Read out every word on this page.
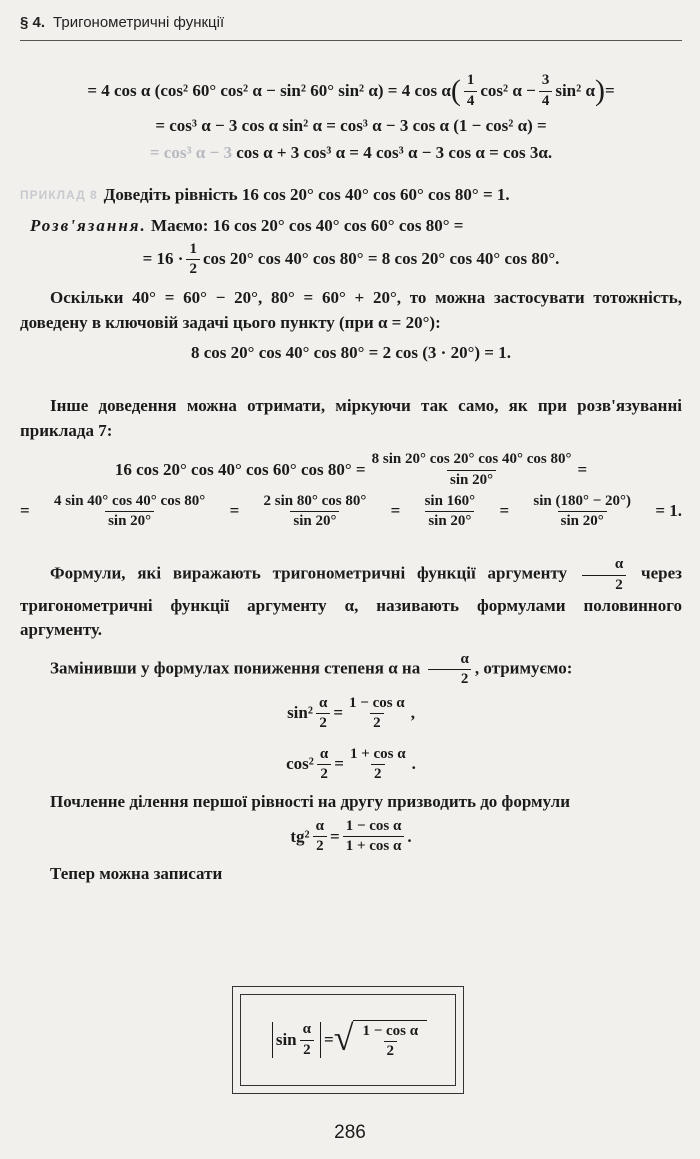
§ 4. Тригонометричні функції
= 4 cos α (cos² 60° cos² α − sin² 60° sin² α) = 4 cos α ( $\frac{1}{4} \cos^2$ $\alpha - \frac{3}{4} \sin^2$ α ) =
= cos³ α − 3 cos α sin² α = cos³ α − 3 cos α (1 − cos² α) =
= cos³ α − 3
cos α + 3 cos³ α = 4 cos³ α − 3 cos α = cos 3α.
ПРИКЛАД 8 Доведіть рівність 16 cos 20° cos 40° cos 60° cos 80° = 1.
Розв'язання.
Маємо: 16 cos 20° cos 40° cos 60° cos 80° =
= $16 \cdot \frac{1}{2}$ cos 20° cos 40° cos 80° = 8 cos 20° cos 40° cos 80°.
Оскільки 40° = 60° − 20°, 80° = 60° + 20°, то можна застосувати тотожність, доведену в ключовій задачі цього пункту (при α = 20°):
8 cos 20° cos 40° cos 80° = 2 cos (3 · 20°) = 1.
Інше доведення можна отримати, міркуючи так само, як при розв'язуванні приклада 7:
16 cos 20° cos 40° cos 60° $\cos 80^\circ = \frac{8 \sin 20^\circ \cos 20^\circ \cos 40^\circ \cos 80^\circ}{\sin 20^\circ}$ =
= $\frac{4 \sin 40^\circ \cos 40^\circ \cos 80^\circ}{\sin 20^\circ} = \frac{2 \sin 80^\circ \cos 80^\circ}{\sin 20^\circ} = \frac{\sin 160^\circ}{\sin 20^\circ} = \frac{\sin (180^\circ - 20^\circ)}{\sin 20^\circ} = 1$.
Формули, які виражають тригонометричні функції аргументу $\frac{\alpha}{2}$ через тригонометричні функції аргументу α, називають формулами половинного аргументу.
Замінивши у формулах пониження степеня α на $\frac{\alpha}{2}$ , отримуємо:
$\sin^2 \frac{\alpha}{2} = \frac{\text{1 − cos α}}{2}$ ,
$\cos^2 \frac{\alpha}{2} = \frac{\text{1 + cos α}}{2}$ .
Почленне ділення першої рівності на другу призводить до формули
$tg^2 \frac{\alpha}{2} = \frac{\text{1 − cos α}}{\text{1 + cos α}}$ .
Тепер можна записати
$\sin \frac{\alpha}{2}$ = √ $\frac{\text{1 − cos α}}{2}$
286
